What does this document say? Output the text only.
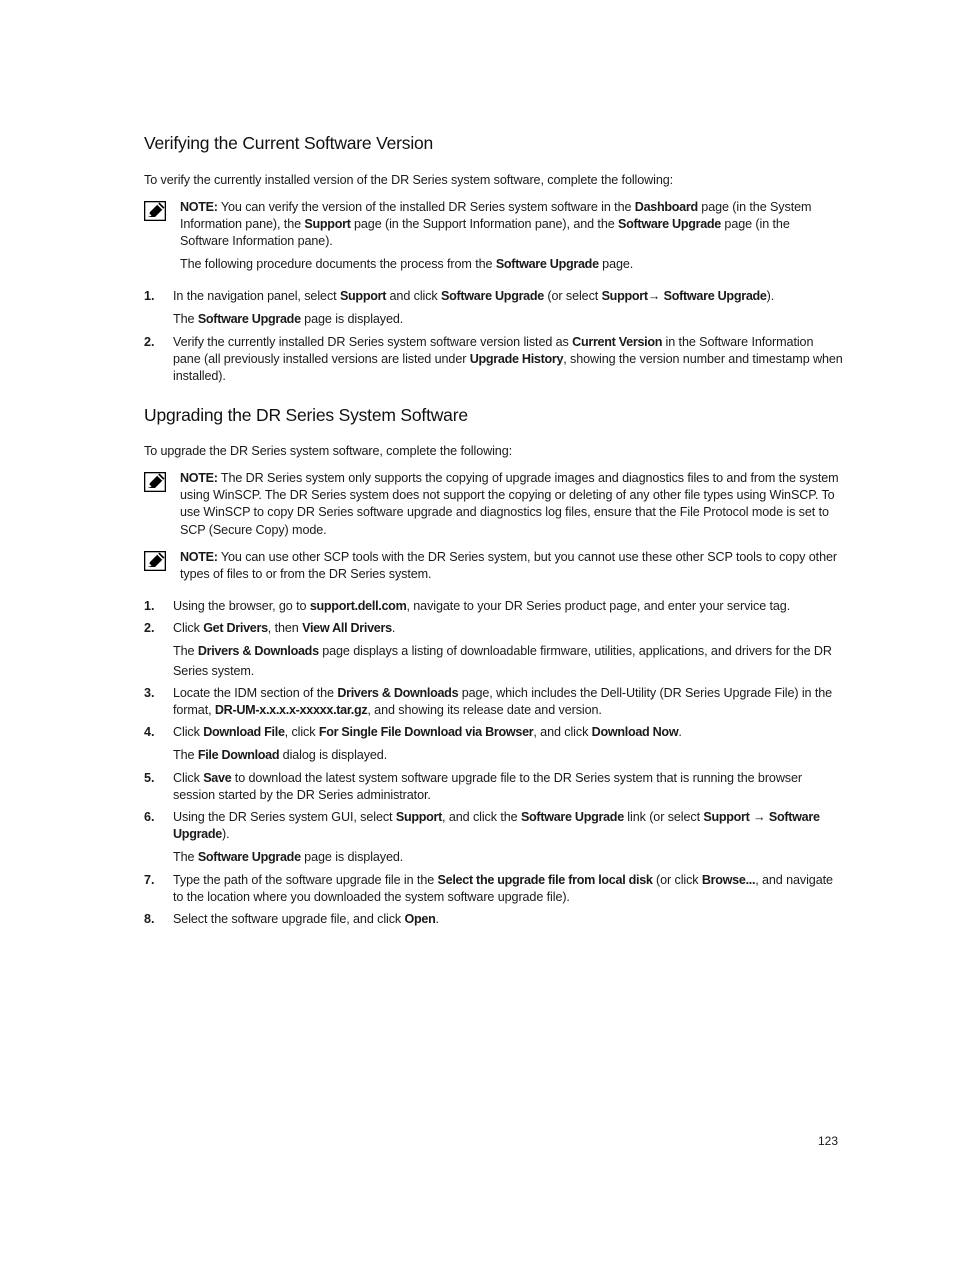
Verifying the Current Software Version

To verify the currently installed version of the DR Series system software, complete the following:

NOTE: You can verify the version of the installed DR Series system software in the Dashboard page (in the System Information pane), the Support page (in the Support Information pane), and the Software Upgrade page (in the Software Information pane).

The following procedure documents the process from the Software Upgrade page.

1. In the navigation panel, select Support and click Software Upgrade (or select Support→ Software Upgrade).

The Software Upgrade page is displayed.

2. Verify the currently installed DR Series system software version listed as Current Version in the Software Information pane (all previously installed versions are listed under Upgrade History, showing the version number and timestamp when installed).

Upgrading the DR Series System Software

To upgrade the DR Series system software, complete the following:

NOTE: The DR Series system only supports the copying of upgrade images and diagnostics files to and from the system using WinSCP. The DR Series system does not support the copying or deleting of any other file types using WinSCP. To use WinSCP to copy DR Series software upgrade and diagnostics log files, ensure that the File Protocol mode is set to SCP (Secure Copy) mode.

NOTE: You can use other SCP tools with the DR Series system, but you cannot use these other SCP tools to copy other types of files to or from the DR Series system.

1. Using the browser, go to support.dell.com, navigate to your DR Series product page, and enter your service tag.

2. Click Get Drivers, then View All Drivers.

The Drivers & Downloads page displays a listing of downloadable firmware, utilities, applications, and drivers for the DR Series system.

3. Locate the IDM section of the Drivers & Downloads page, which includes the Dell-Utility (DR Series Upgrade File) in the format, DR-UM-x.x.x.x-xxxxx.tar.gz, and showing its release date and version.

4. Click Download File, click For Single File Download via Browser, and click Download Now.

The File Download dialog is displayed.

5. Click Save to download the latest system software upgrade file to the DR Series system that is running the browser session started by the DR Series administrator.

6. Using the DR Series system GUI, select Support, and click the Software Upgrade link (or select Support → Software Upgrade).

The Software Upgrade page is displayed.

7. Type the path of the software upgrade file in the Select the upgrade file from local disk (or click Browse..., and navigate to the location where you downloaded the system software upgrade file).

8. Select the software upgrade file, and click Open.

123
